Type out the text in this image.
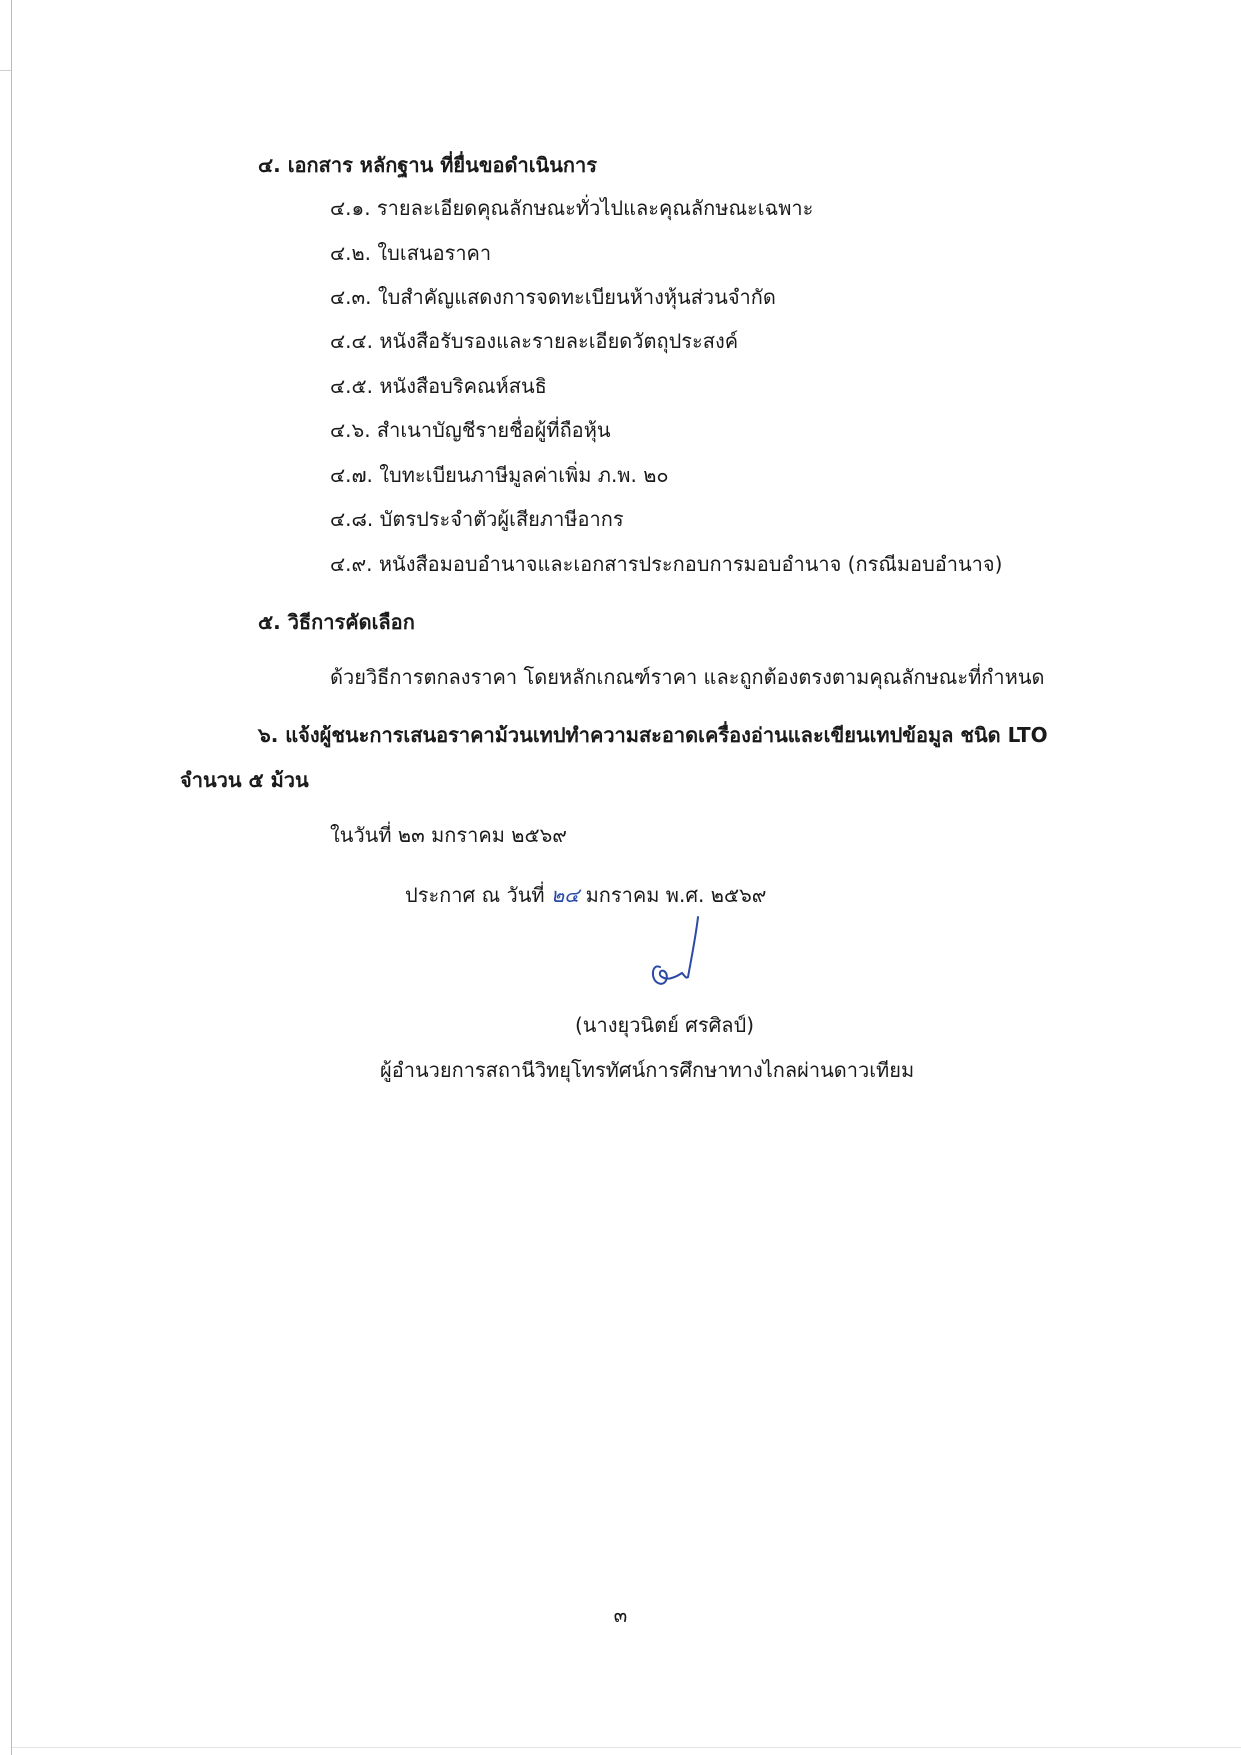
๔. เอกสาร หลักฐาน ที่ยื่นขอดำเนินการ
๔.๑. รายละเอียดคุณลักษณะทั่วไปและคุณลักษณะเฉพาะ
๔.๒. ใบเสนอราคา
๔.๓. ใบสำคัญแสดงการจดทะเบียนห้างหุ้นส่วนจำกัด
๔.๔. หนังสือรับรองและรายละเอียดวัตถุประสงค์
๔.๕. หนังสือบริคณห์สนธิ
๔.๖. สำเนาบัญชีรายชื่อผู้ที่ถือหุ้น
๔.๗. ใบทะเบียนภาษีมูลค่าเพิ่ม ภ.พ. ๒๐
๔.๘. บัตรประจำตัวผู้เสียภาษีอากร
๔.๙. หนังสือมอบอำนาจและเอกสารประกอบการมอบอำนาจ (กรณีมอบอำนาจ)
๕. วิธีการคัดเลือก
ด้วยวิธีการตกลงราคา โดยหลักเกณฑ์ราคา และถูกต้องตรงตามคุณลักษณะที่กำหนด
๖. แจ้งผู้ชนะการเสนอราคาม้วนเทปทำความสะอาดเครื่องอ่านและเขียนเทปข้อมูล ชนิด LTO
จำนวน ๕ ม้วน
ในวันที่ ๒๓ มกราคม ๒๕๖๙
ประกาศ ณ วันที่ ๒๔ มกราคม พ.ศ. ๒๕๖๙
(นางยุวนิตย์ ศรศิลป์)
ผู้อำนวยการสถานีวิทยุโทรทัศน์การศึกษาทางไกลผ่านดาวเทียม
๓
